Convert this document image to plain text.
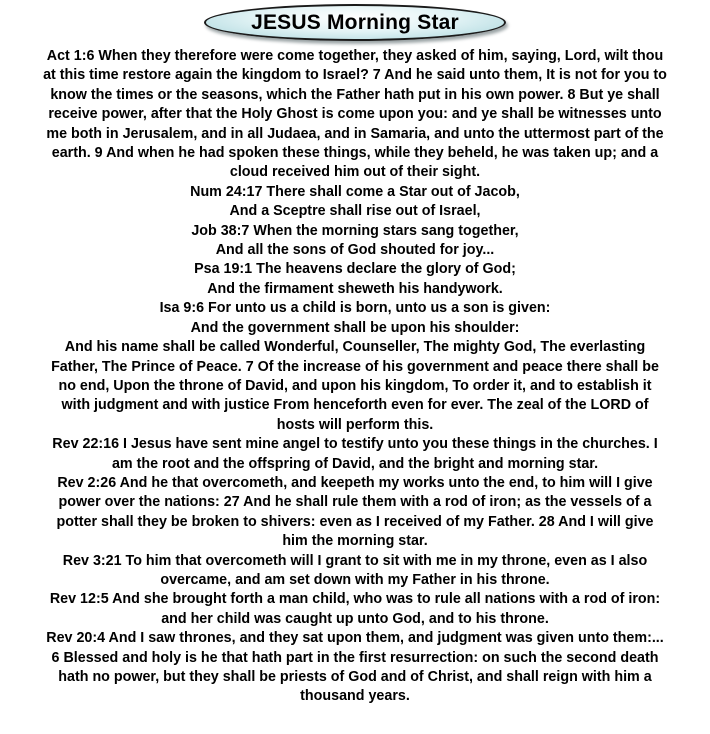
JESUS Morning Star
Act 1:6 When they therefore were come together, they asked of him, saying, Lord, wilt thou
at this time restore again the kingdom to Israel? 7 And he said unto them, It is not for you to
know the times or the seasons, which the Father hath put in his own power. 8 But ye shall
receive power, after that the Holy Ghost is come upon you: and ye shall be witnesses unto
me both in Jerusalem, and in all Judaea, and in Samaria, and unto the uttermost part of the
earth. 9 And when he had spoken these things, while they beheld, he was taken up; and a
cloud received him out of their sight.
Num 24:17 There shall come a Star out of Jacob,
And a Sceptre shall rise out of Israel,
Job 38:7 When the morning stars sang together,
And all the sons of God shouted for joy...
Psa 19:1 The heavens declare the glory of God;
And the firmament sheweth his handywork.
Isa 9:6 For unto us a child is born, unto us a son is given:
And the government shall be upon his shoulder:
And his name shall be called Wonderful, Counseller, The mighty God, The everlasting
Father, The Prince of Peace. 7 Of the increase of his government and peace there shall be
no end, Upon the throne of David, and upon his kingdom, To order it, and to establish it
with judgment and with justice From henceforth even for ever. The zeal of the LORD of
hosts will perform this.
Rev 22:16 I Jesus have sent mine angel to testify unto you these things in the churches. I
am the root and the offspring of David, and the bright and morning star.
Rev 2:26 And he that overcometh, and keepeth my works unto the end, to him will I give
power over the nations: 27 And he shall rule them with a rod of iron; as the vessels of a
potter shall they be broken to shivers: even as I received of my Father. 28 And I will give
him the morning star.
Rev 3:21 To him that overcometh will I grant to sit with me in my throne, even as I also
overcame, and am set down with my Father in his throne.
Rev 12:5 And she brought forth a man child, who was to rule all nations with a rod of iron:
and her child was caught up unto God, and to his throne.
Rev 20:4 And I saw thrones, and they sat upon them, and judgment was given unto them:...
6 Blessed and holy is he that hath part in the first resurrection: on such the second death
hath no power, but they shall be priests of God and of Christ, and shall reign with him a
thousand years.
